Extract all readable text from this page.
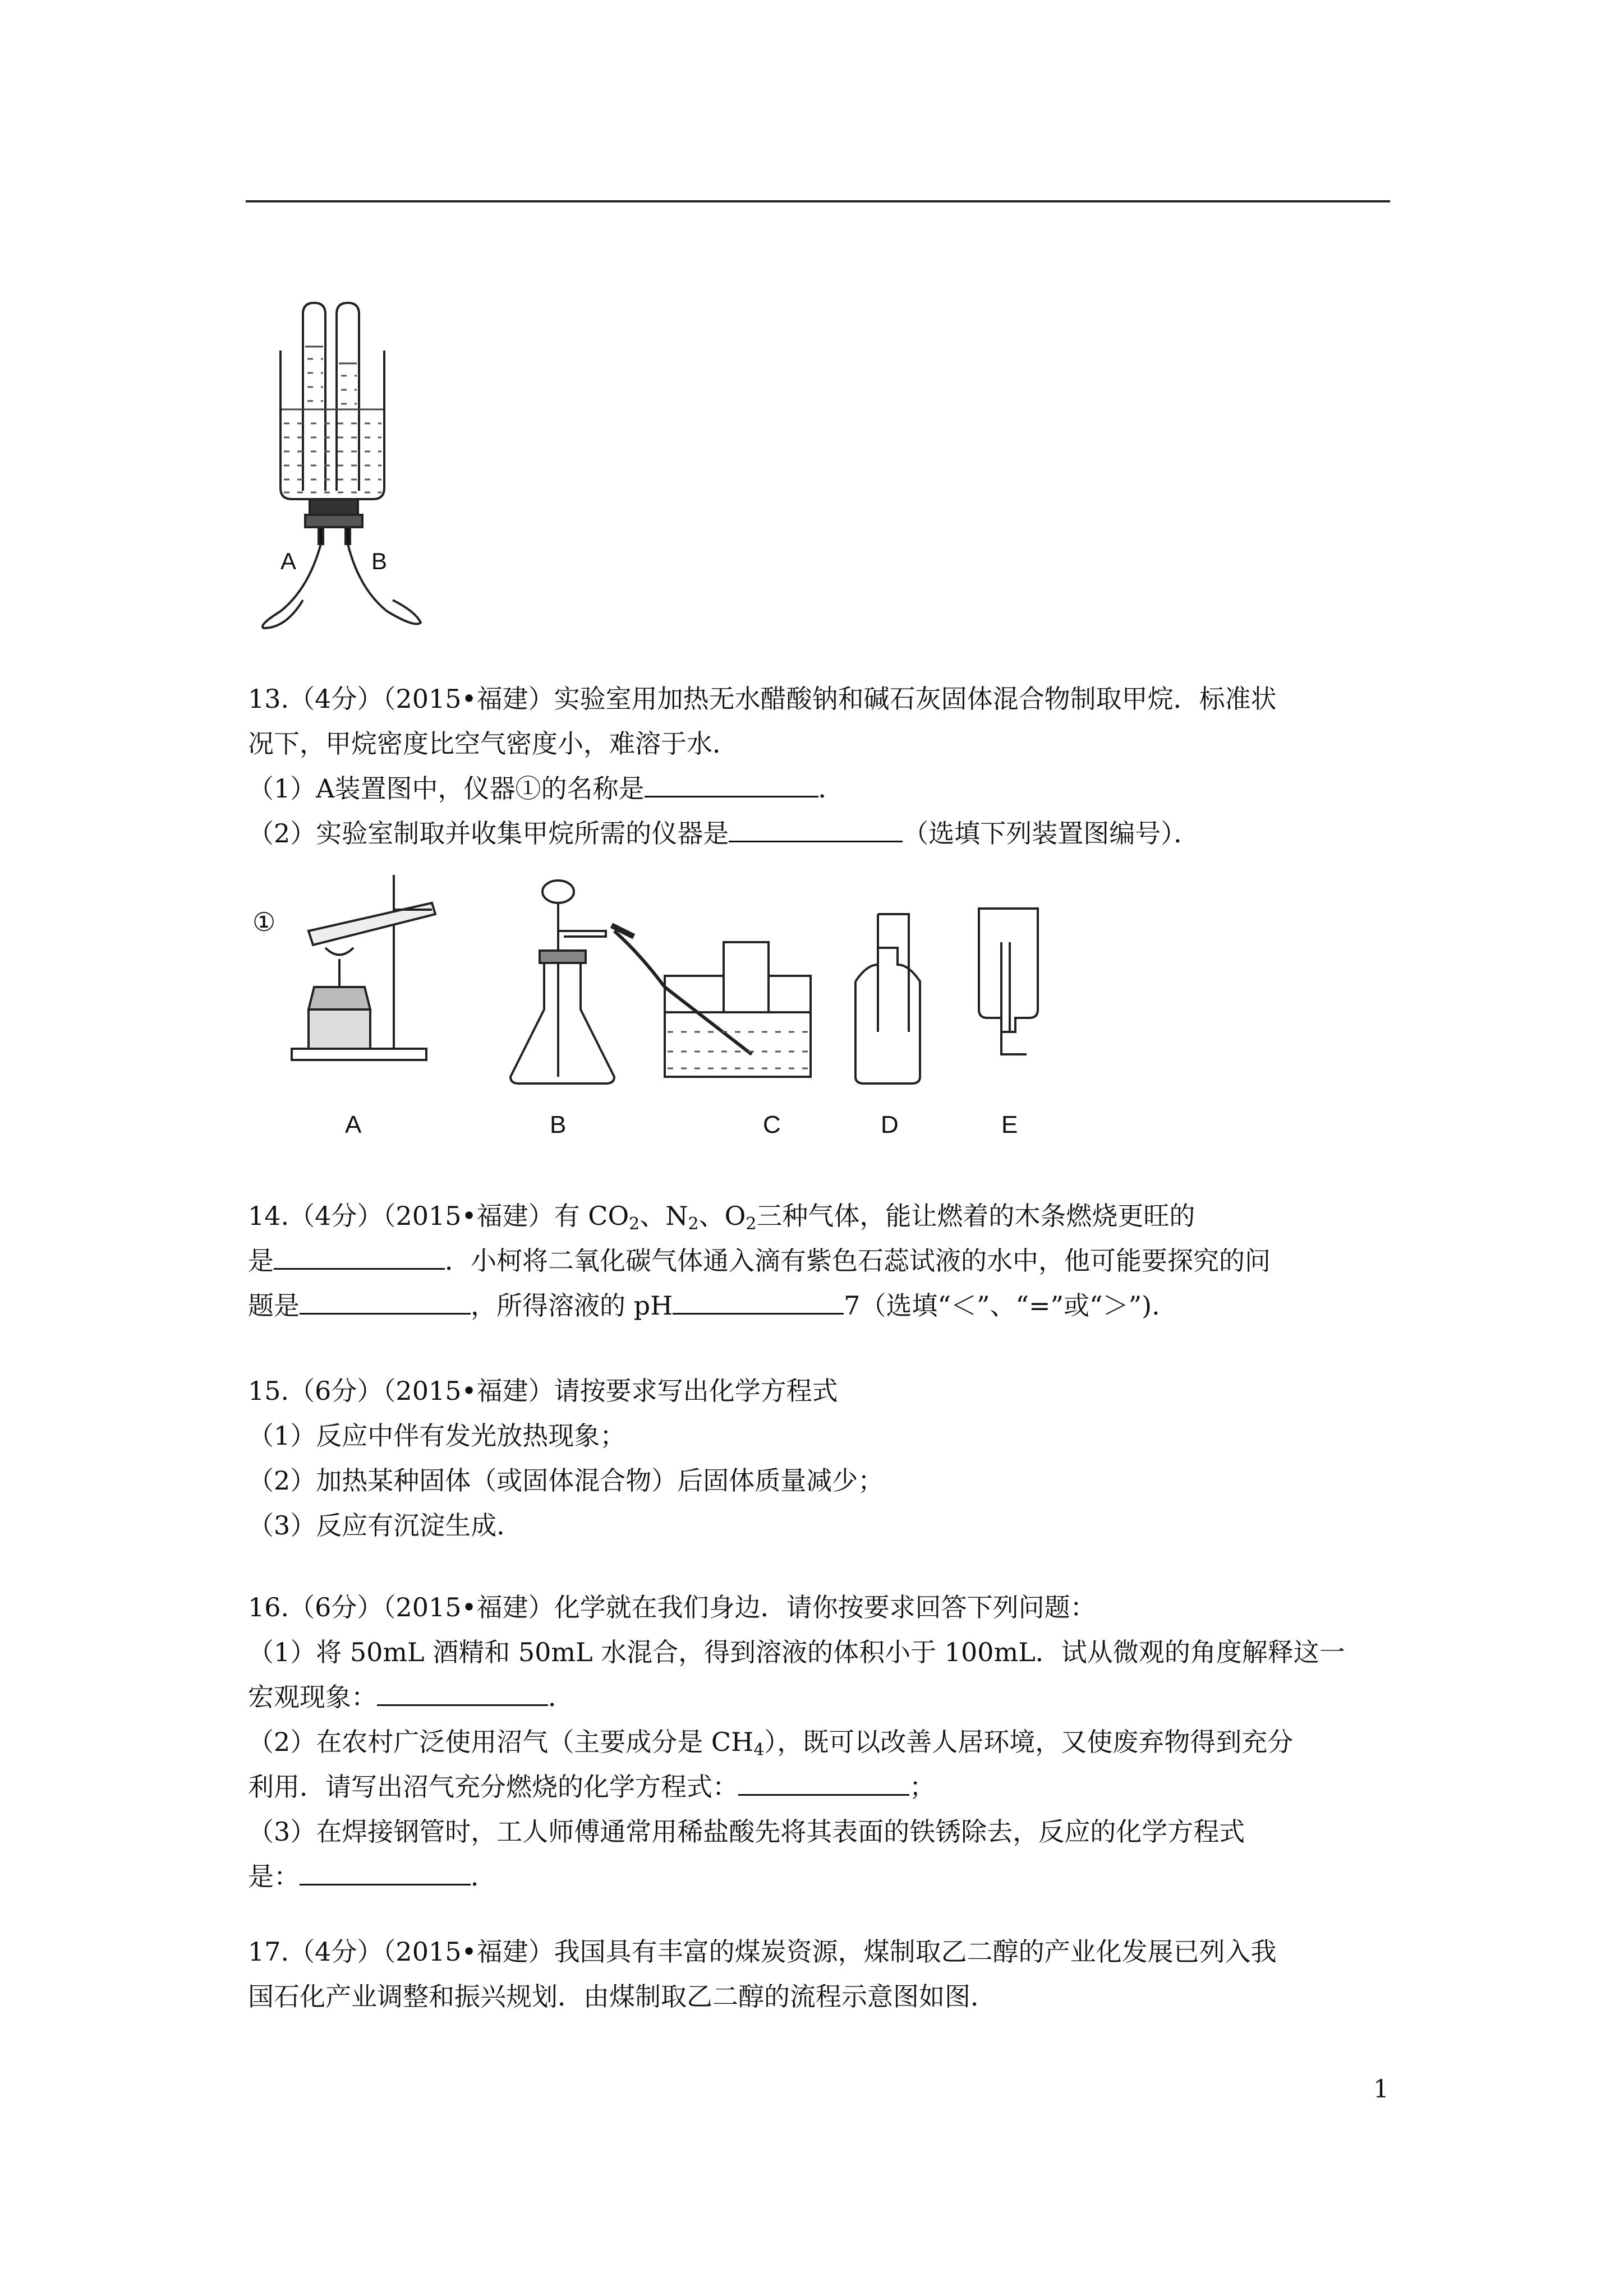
A	B
13.（4分）（2015•福建）实验室用加热无水醋酸钠和碱石灰固体混合物制取甲烷．标准状
况下，甲烷密度比空气密度小，难溶于水．
（1）A装置图中，仪器①的名称是	．
（2）实验室制取并收集甲烷所需的仪器是	（选填下列装置图编号）．
①
A	B	C	D	E
14.（4分）（2015•福建）有 $CO_2$、$N_2$、$O_2$三种气体，能让燃着的木条燃烧更旺的
是	．小柯将二氧化碳气体通入滴有紫色石蕊试液的水中，他可能要探究的问
题是	，所得溶液的 pH	7（选填“＜”、“=”或“＞”).
15.（6分）（2015•福建）请按要求写出化学方程式
（1）反应中伴有发光放热现象；
（2）加热某种固体（或固体混合物）后固体质量减少；
（3）反应有沉淀生成．
16.（6分）（2015•福建）化学就在我们身边．请你按要求回答下列问题：
（1）将 50mL 酒精和 50mL 水混合，得到溶液的体积小于 100mL．试从微观的角度解释这一
宏观现象：	．
（2）在农村广泛使用沼气（主要成分是 $CH_4$），既可以改善人居环境，又使废弃物得到充分
利用．请写出沼气充分燃烧的化学方程式：	；
（3）在焊接钢管时，工人师傅通常用稀盐酸先将其表面的铁锈除去，反应的化学方程式
是：	．
17.（4分）（2015•福建）我国具有丰富的煤炭资源，煤制取乙二醇的产业化发展已列入我
国石化产业调整和振兴规划．由煤制取乙二醇的流程示意图如图．
1
